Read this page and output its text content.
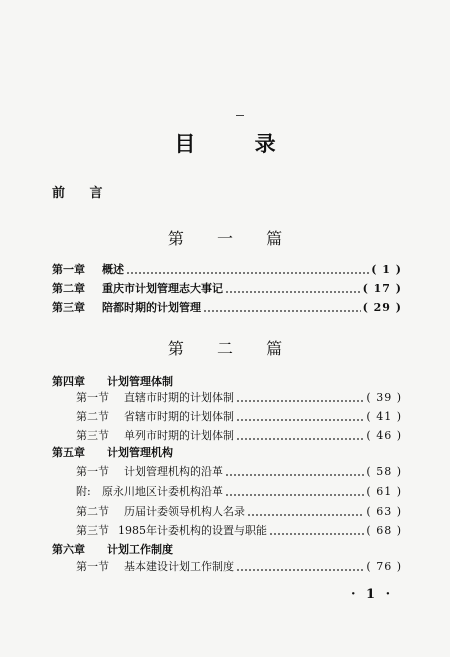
目 录
前 言
第 一 篇
第一章	概述	( 1 )
第二章	重庆市计划管理志大事记	( 17 )
第三章	陪都时期的计划管理	( 29 )
第 二 篇
第四章	计划管理体制
第一节	直辖市时期的计划体制	( 39 )
第二节	省辖市时期的计划体制	( 41 )
第三节	单列市时期的计划体制	( 46 )
第五章	计划管理机构
第一节	计划管理机构的沿革	( 58 )
附:	原永川地区计委机构沿革	( 61 )
第二节	历届计委领导机构人名录	( 63 )
第三节 1985年计委机构的设置与职能	( 68 )
第六章	计划工作制度
第一节	基本建设计划工作制度	( 76 )
· 1 ·
